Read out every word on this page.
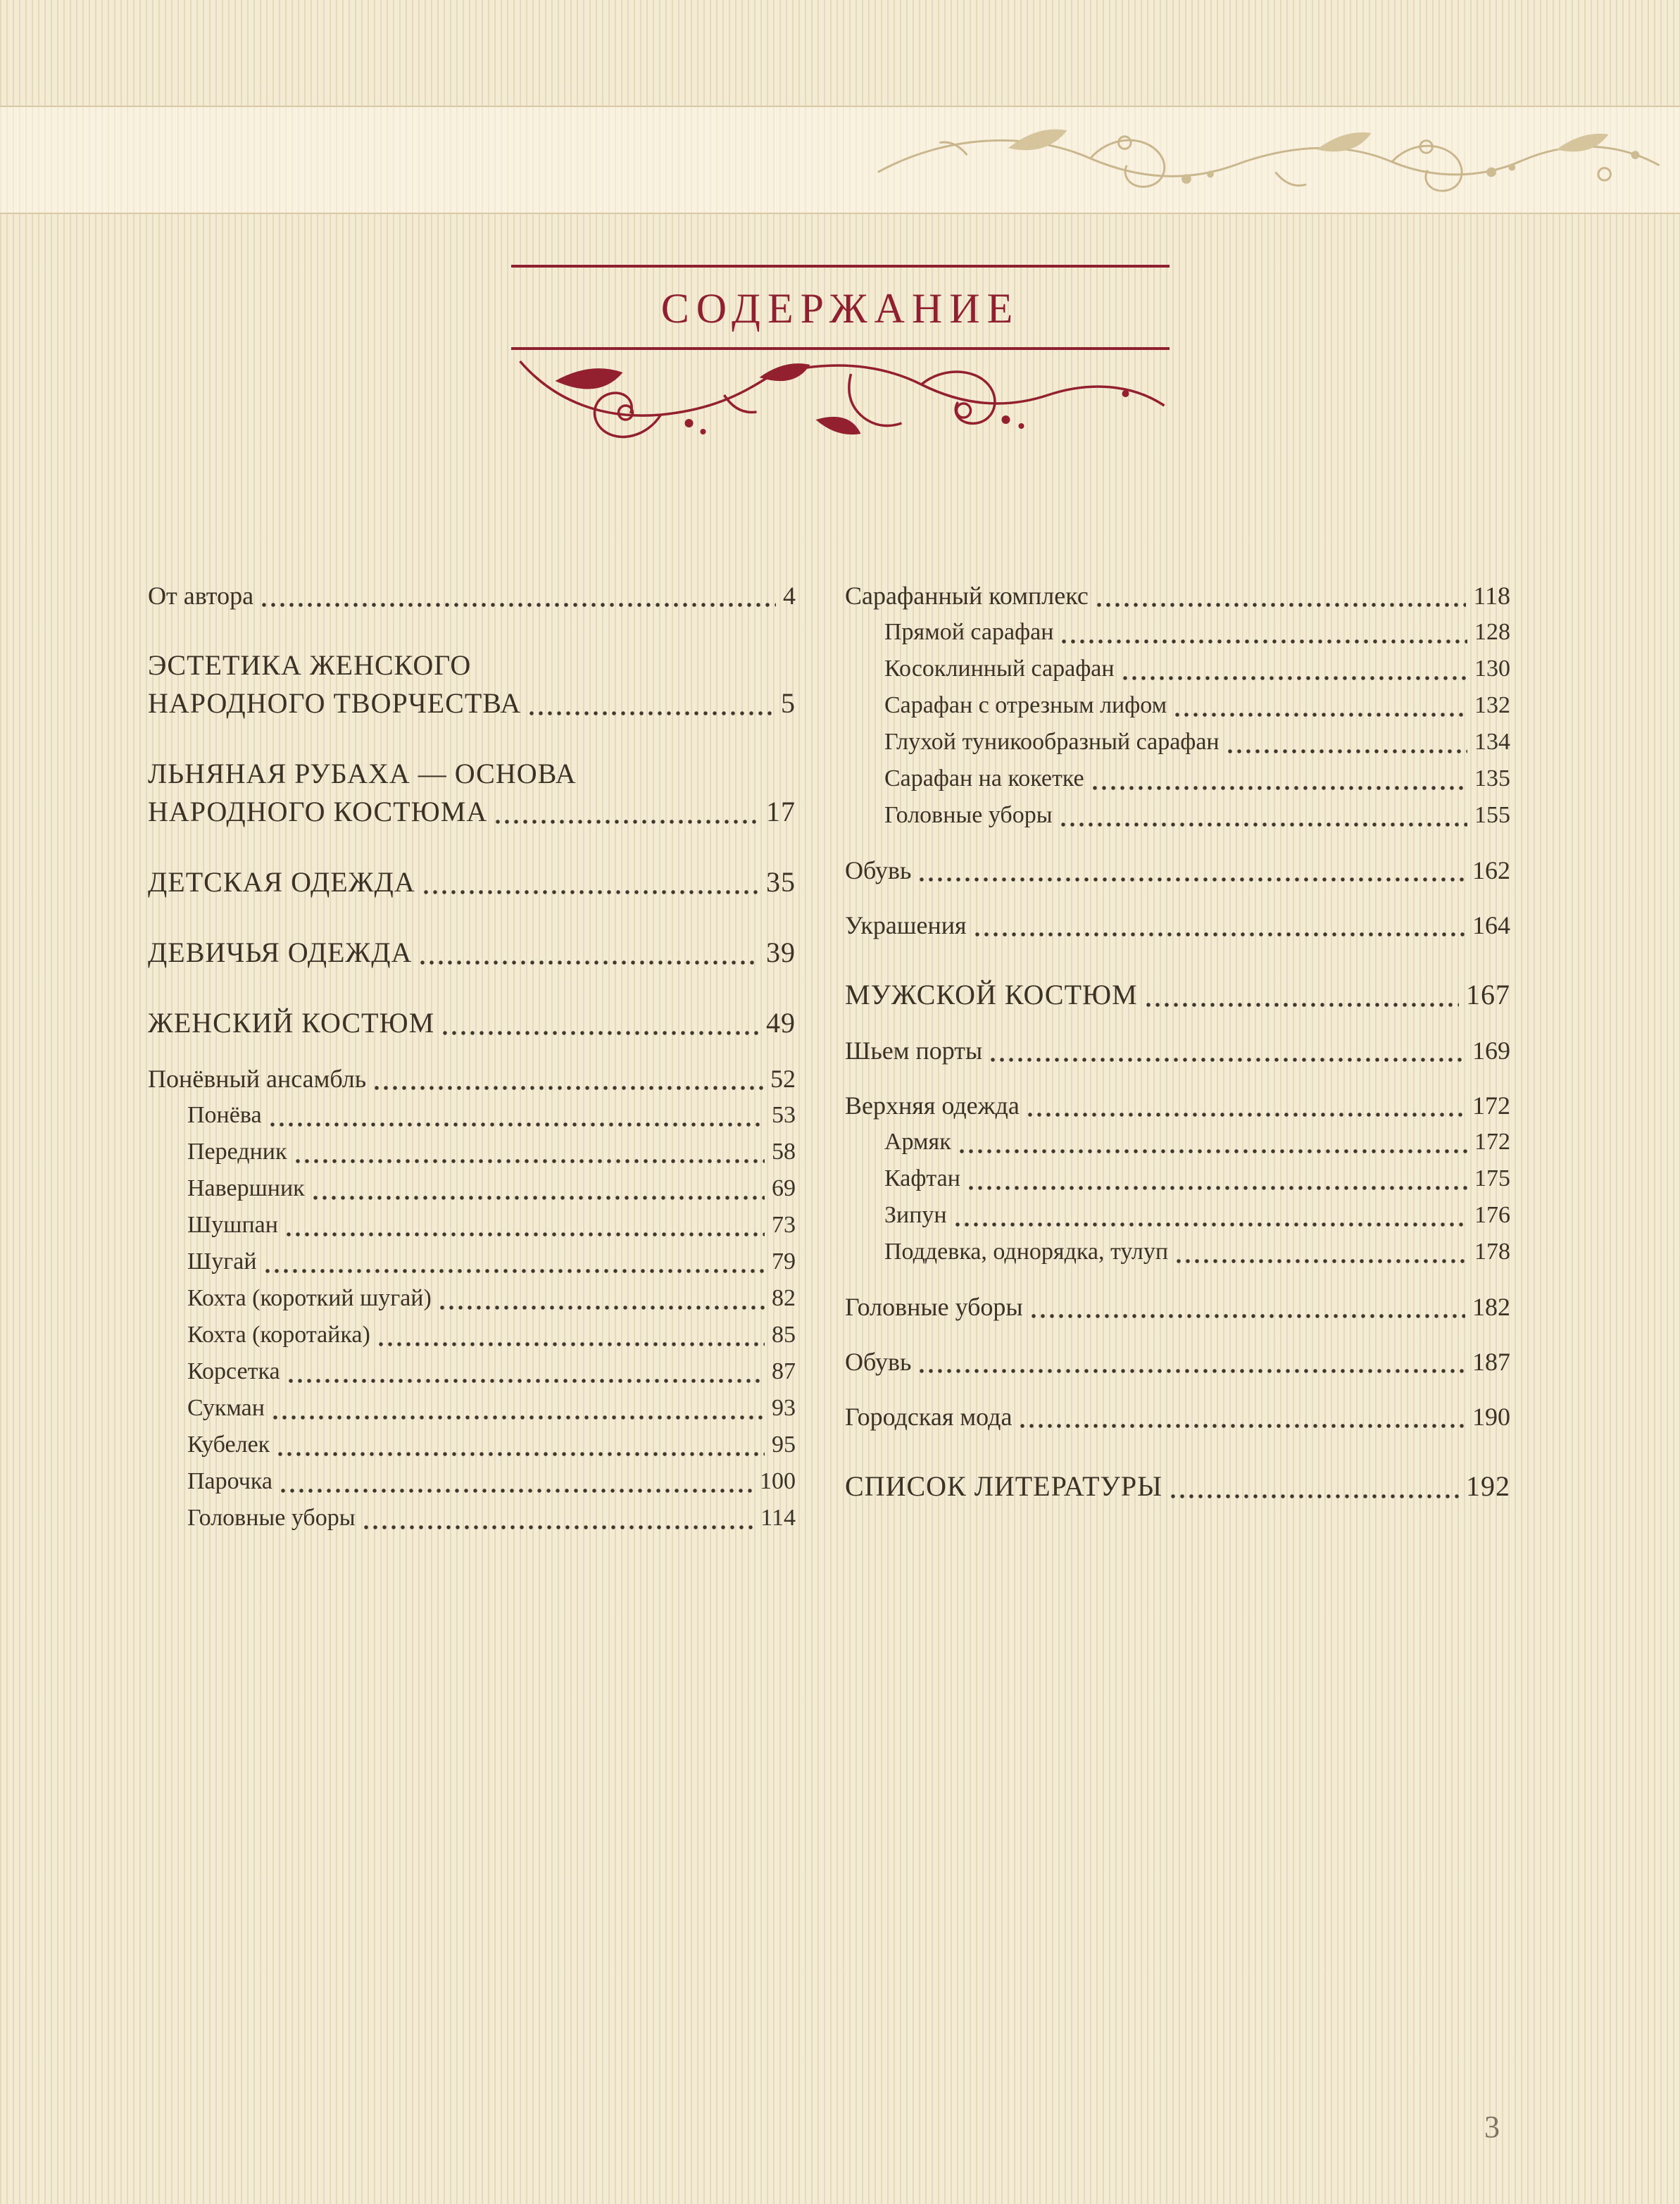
СОДЕРЖАНИЕ
От автора	4
ЭСТЕТИКА ЖЕНСКОГО
НАРОДНОГО ТВОРЧЕСТВА	5
ЛЬНЯНАЯ РУБАХА — ОСНОВА
НАРОДНОГО КОСТЮМА	17
ДЕТСКАЯ ОДЕЖДА	35
ДЕВИЧЬЯ ОДЕЖДА	39
ЖЕНСКИЙ КОСТЮМ	49
Понёвный ансамбль	52
Понёва	53
Передник	58
Навершник	69
Шушпан	73
Шугай	79
Кохта (короткий шугай)	82
Кохта (коротайка)	85
Корсетка	87
Сукман	93
Кубелек	95
Парочка	100
Головные уборы	114
Сарафанный комплекс	118
Прямой сарафан	128
Косоклинный сарафан	130
Сарафан с отрезным лифом	132
Глухой туникообразный сарафан	134
Сарафан на кокетке	135
Головные уборы	155
Обувь	162
Украшения	164
МУЖСКОЙ КОСТЮМ	167
Шьем порты	169
Верхняя одежда	172
Армяк	172
Кафтан	175
Зипун	176
Поддевка, однорядка, тулуп	178
Головные уборы	182
Обувь	187
Городская мода	190
СПИСОК ЛИТЕРАТУРЫ	192
3
